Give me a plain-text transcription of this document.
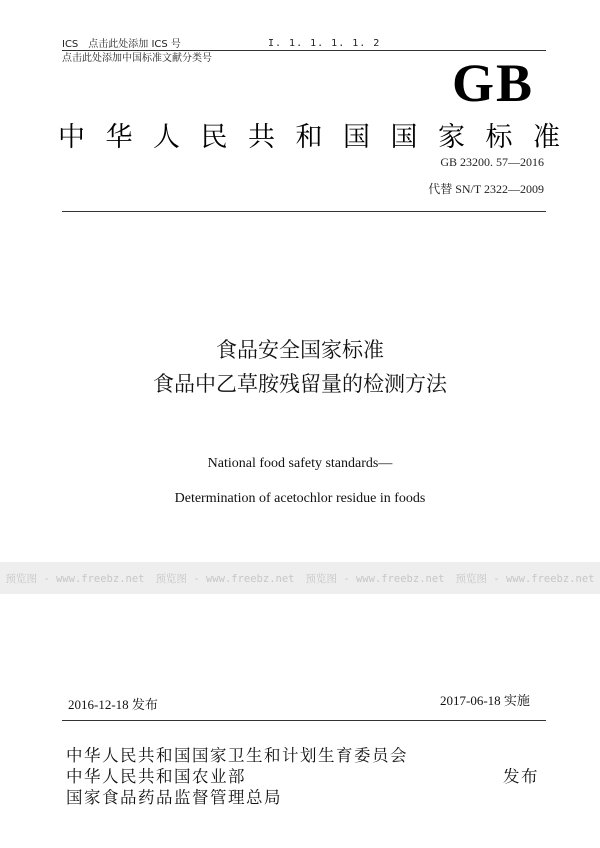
ICS 点击此处添加 ICS 号
点击此处添加中国标准文献分类号
I. 1. 1. 1. 1. 2
GB
中华人民共和国国家标准
GB 23200. 57—2016
代替 SN/T 2322—2009
食品安全国家标准
食品中乙草胺残留量的检测方法
National food safety standards—
Determination of acetochlor residue in foods
预览图 - www.freebz.net 预览图 - www.freebz.net 预览图 - www.freebz.net 预览图 - www.freebz.net
2016-12-18 发布	2017-06-18 实施
中华人民共和国国家卫生和计划生育委员会
中华人民共和国农业部
国家食品药品监督管理总局
发布
